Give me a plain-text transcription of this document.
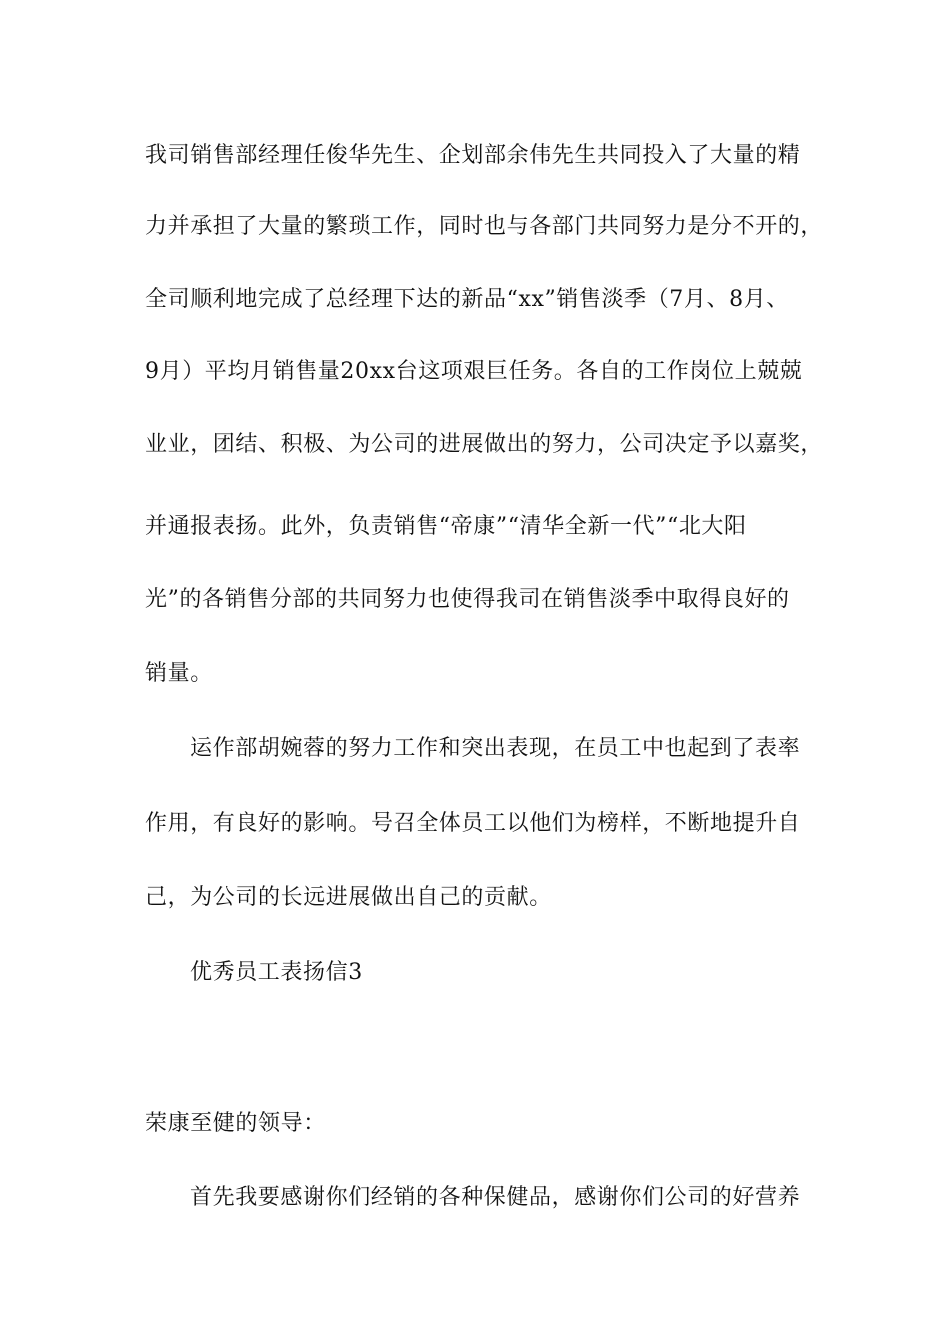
我司销售部经理任俊华先生、企划部余伟先生共同投入了大量的精

力并承担了大量的繁琐工作，同时也与各部门共同努力是分不开的，

全司顺利地完成了总经理下达的新品“xx”销售淡季（7月、8月、

9月）平均月销售量20xx台这项艰巨任务。各自的工作岗位上兢兢

业业，团结、积极、为公司的进展做出的努力，公司决定予以嘉奖，

并通报表扬。此外，负责销售“帝康”“清华全新一代”“北大阳

光”的各销售分部的共同努力也使得我司在销售淡季中取得良好的

销量。

运作部胡婉蓉的努力工作和突出表现，在员工中也起到了表率

作用，有良好的影响。号召全体员工以他们为榜样，不断地提升自

己，为公司的长远进展做出自己的贡献。

优秀员工表扬信3

荣康至健的领导：

首先我要感谢你们经销的各种保健品，感谢你们公司的好营养
